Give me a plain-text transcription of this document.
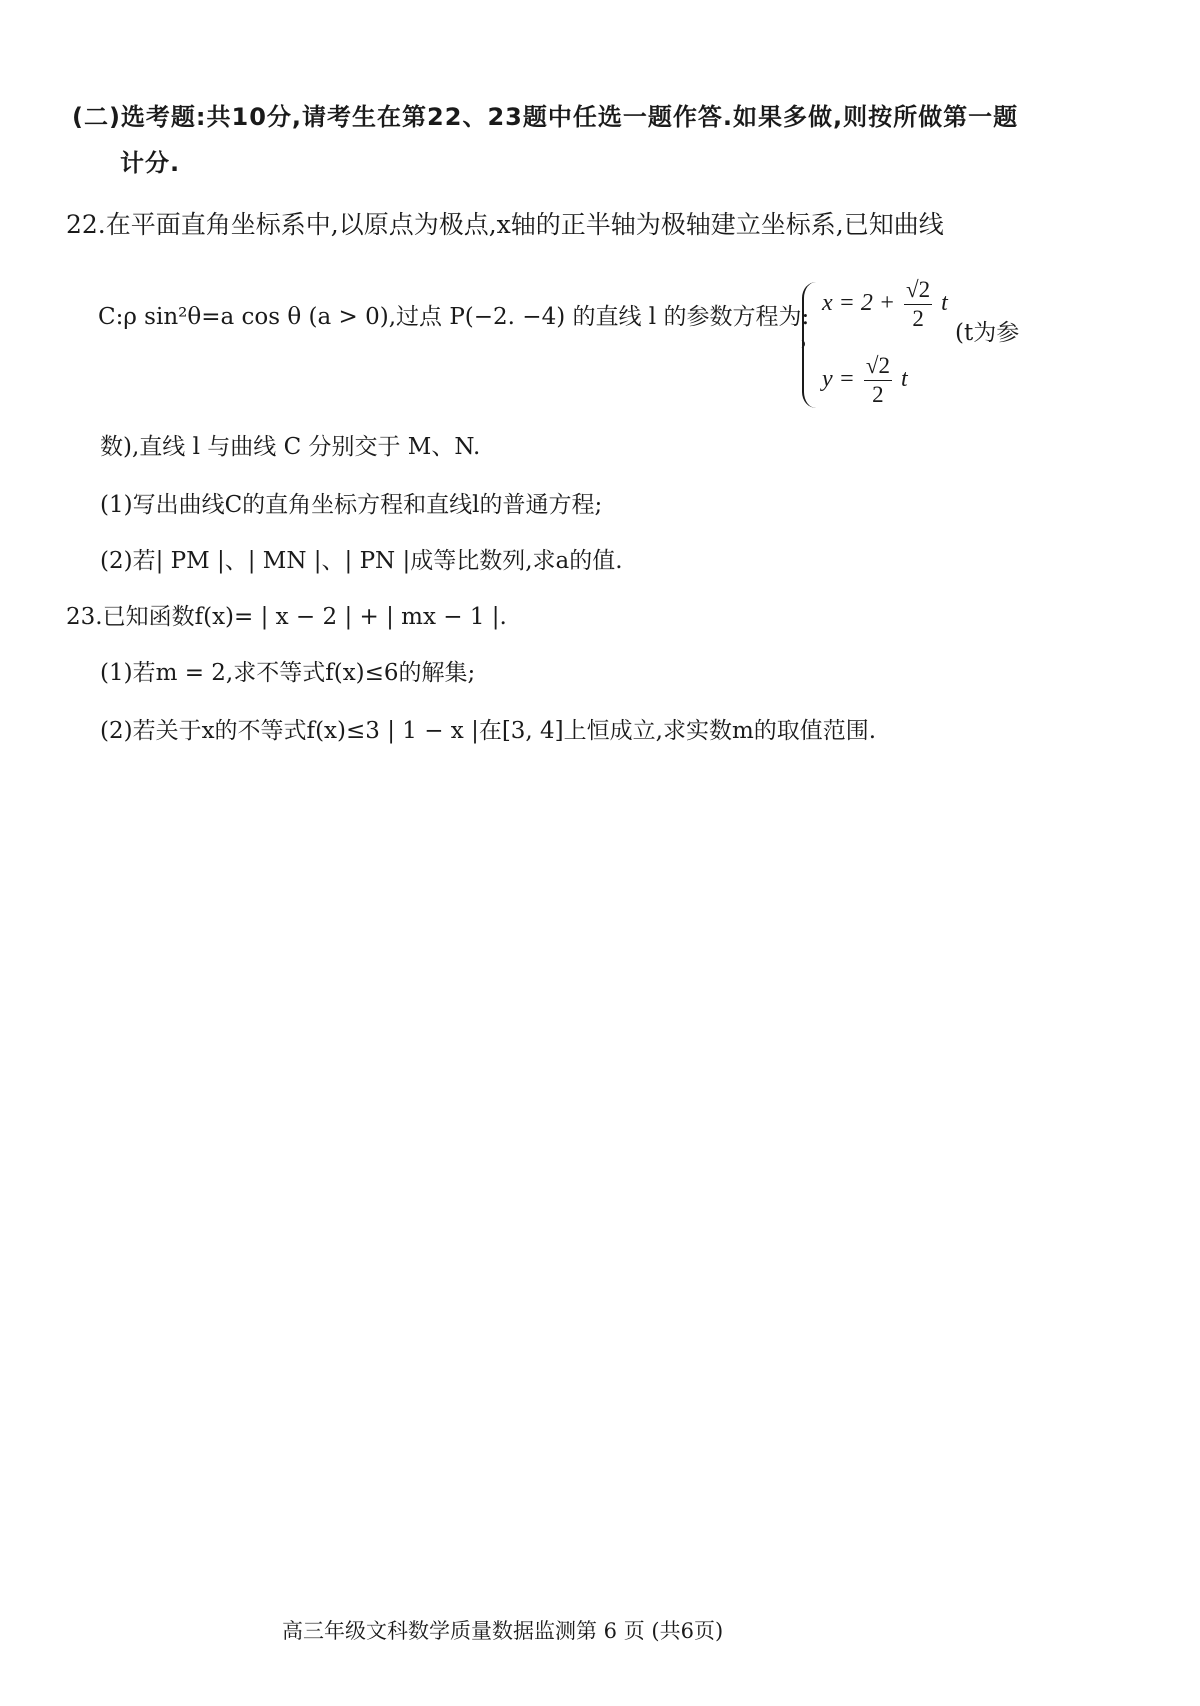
(二)选考题:共10分,请考生在第22、23题中任选一题作答.如果多做,则按所做第一题
计分.
22.在平面直角坐标系中,以原点为极点,x轴的正半轴为极轴建立坐标系,已知曲线
C:ρ sin²θ=a cos θ (a > 0),过点 P(−2. −4) 的直线 l 的参数方程为:
$x = 2 + \frac{√2}{2}$ t
$y = \frac{√2}{2}$ t
(t为参
数),直线 l 与曲线 C 分别交于 M、N.
(1)写出曲线C的直角坐标方程和直线l的普通方程;
(2)若| PM |、| MN |、| PN |成等比数列,求a的值.
23.已知函数f(x)= | x − 2 | + | mx − 1 |.
(1)若m = 2,求不等式f(x)≤6的解集;
(2)若关于x的不等式f(x)≤3 | 1 − x |在[3, 4]上恒成立,求实数m的取值范围.
高三年级文科数学质量数据监测第 6 页 (共6页)
